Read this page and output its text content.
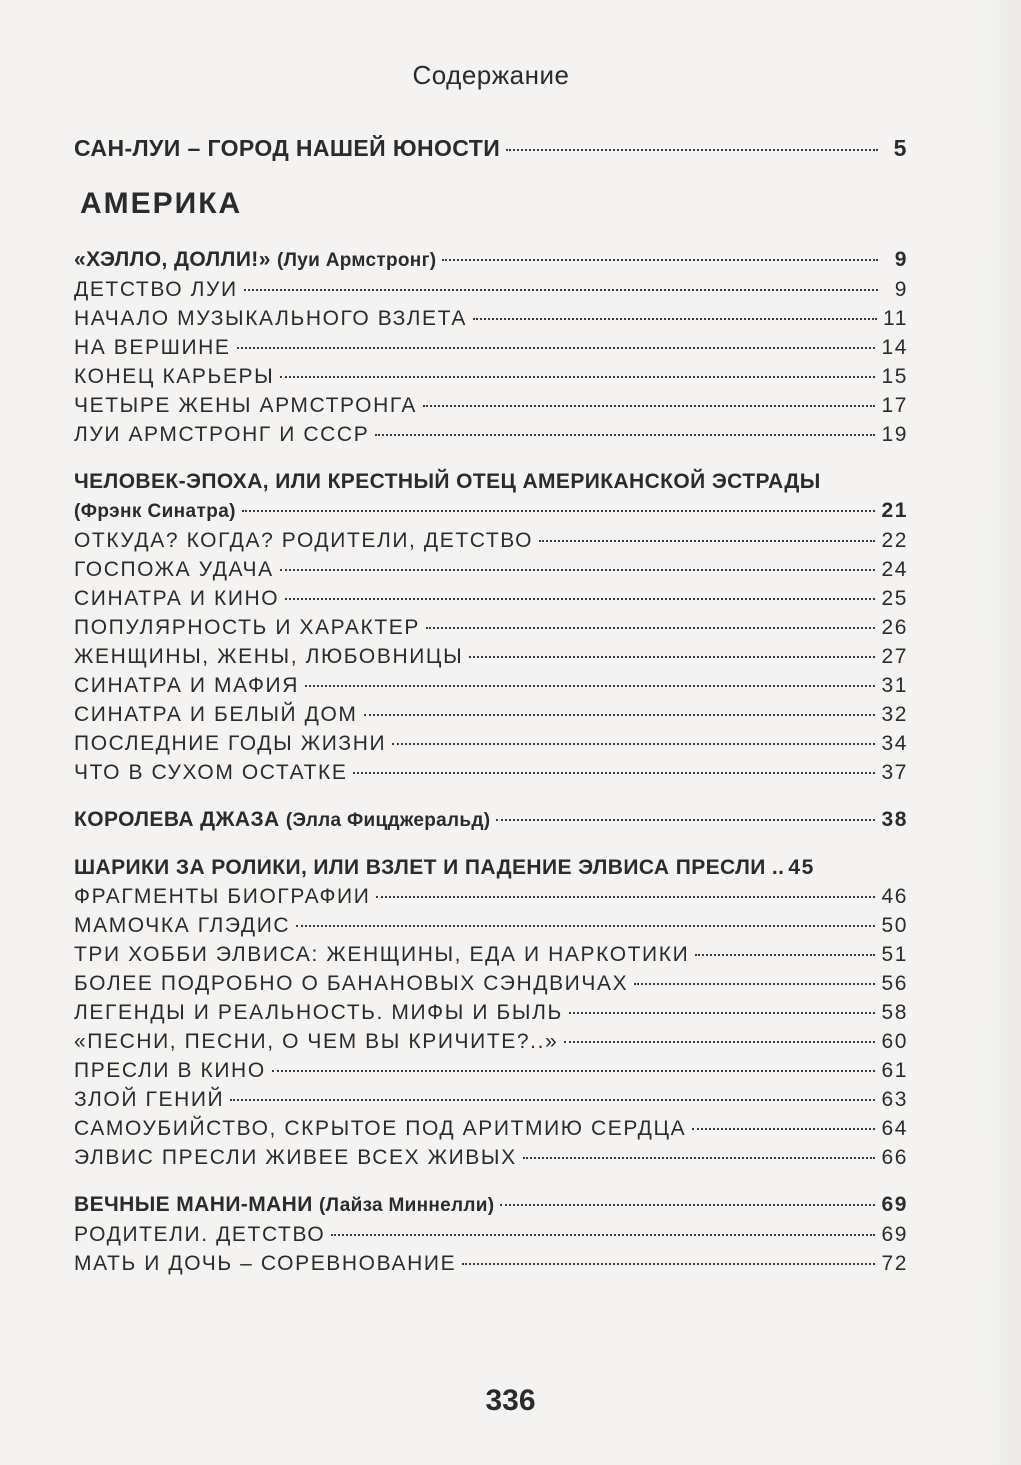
Содержание
САН-ЛУИ – ГОРОД НАШЕЙ ЮНОСТИ	5
АМЕРИКА
«ХЭЛЛО, ДОЛЛИ!» (Луи Армстронг)	9
ДЕТСТВО ЛУИ	9
НАЧАЛО МУЗЫКАЛЬНОГО ВЗЛЕТА	11
НА ВЕРШИНЕ	14
КОНЕЦ КАРЬЕРЫ	15
ЧЕТЫРЕ ЖЕНЫ АРМСТРОНГА	17
ЛУИ АРМСТРОНГ И СССР	19
ЧЕЛОВЕК-ЭПОХА, ИЛИ КРЕСТНЫЙ ОТЕЦ АМЕРИКАНСКОЙ ЭСТРАДЫ
(Фрэнк Синатра)	21
ОТКУДА? КОГДА? РОДИТЕЛИ, ДЕТСТВО	22
ГОСПОЖА УДАЧА	24
СИНАТРА И КИНО	25
ПОПУЛЯРНОСТЬ И ХАРАКТЕР	26
ЖЕНЩИНЫ, ЖЕНЫ, ЛЮБОВНИЦЫ	27
СИНАТРА И МАФИЯ	31
СИНАТРА И БЕЛЫЙ ДОМ	32
ПОСЛЕДНИЕ ГОДЫ ЖИЗНИ	34
ЧТО В СУХОМ ОСТАТКЕ	37
КОРОЛЕВА ДЖАЗА (Элла Фицджеральд)	38
ШАРИКИ ЗА РОЛИКИ, ИЛИ ВЗЛЕТ И ПАДЕНИЕ ЭЛВИСА ПРЕСЛИ .. 45
ФРАГМЕНТЫ БИОГРАФИИ	46
МАМОЧКА ГЛЭДИС	50
ТРИ ХОББИ ЭЛВИСА: ЖЕНЩИНЫ, ЕДА И НАРКОТИКИ	51
БОЛЕЕ ПОДРОБНО О БАНАНОВЫХ СЭНДВИЧАХ	56
ЛЕГЕНДЫ И РЕАЛЬНОСТЬ. МИФЫ И БЫЛЬ	58
«ПЕСНИ, ПЕСНИ, О ЧЕМ ВЫ КРИЧИТЕ?..»	60
ПРЕСЛИ В КИНО	61
ЗЛОЙ ГЕНИЙ	63
САМОУБИЙСТВО, СКРЫТОЕ ПОД АРИТМИЮ СЕРДЦА	64
ЭЛВИС ПРЕСЛИ ЖИВЕЕ ВСЕХ ЖИВЫХ	66
ВЕЧНЫЕ МАНИ-МАНИ (Лайза Миннелли)	69
РОДИТЕЛИ. ДЕТСТВО	69
МАТЬ И ДОЧЬ – СОРЕВНОВАНИЕ	72
336
